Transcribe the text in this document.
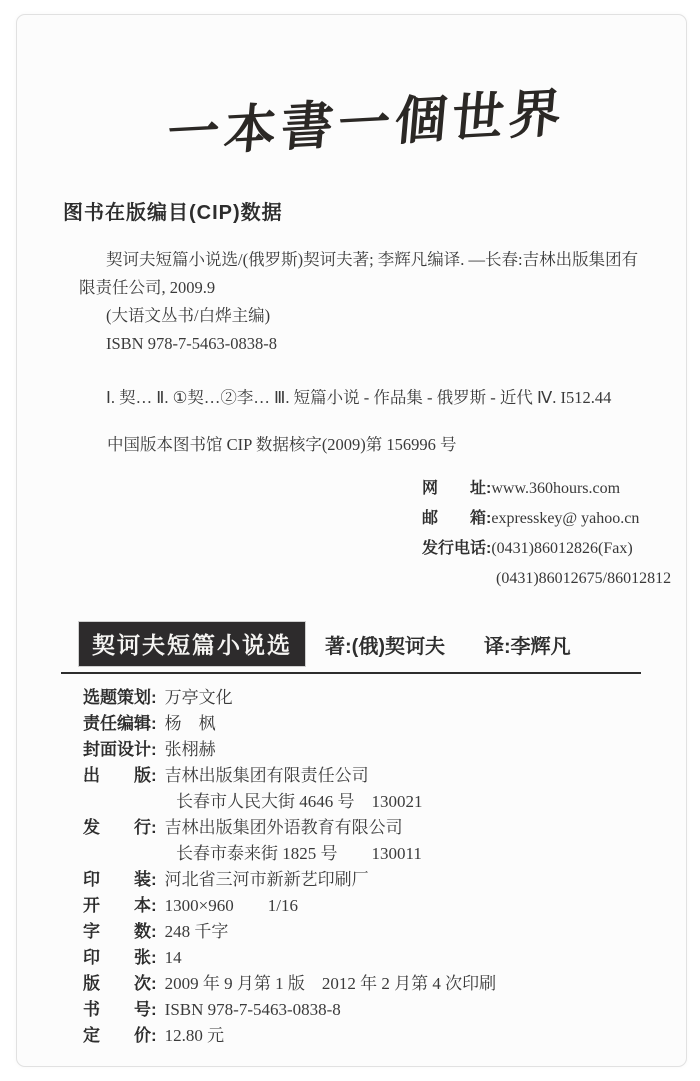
一本書一個世界
图书在版编目(CIP)数据
契诃夫短篇小说选/(俄罗斯)契诃夫著; 李辉凡编译. —长春:吉林出版集团有限责任公司, 2009.9
(大语文丛书/白烨主编)
ISBN 978-7-5463-0838-8
Ⅰ. 契… Ⅱ. ①契…②李… Ⅲ. 短篇小说 - 作品集 - 俄罗斯 - 近代 Ⅳ. I512.44
中国版本图书馆 CIP 数据核字(2009)第 156996 号
网　　址:www.360hours.com
邮　　箱:expresskey@ yahoo.cn
发行电话:(0431)86012826(Fax)
(0431)86012675/86012812
契诃夫短篇小说选 著:(俄)契诃夫 译:李辉凡
选题策划: 万亭文化
责任编辑: 杨　枫
封面设计: 张栩赫
出　　版: 吉林出版集团有限责任公司
长春市人民大街 4646 号　130021
发　　行: 吉林出版集团外语教育有限公司
长春市泰来街 1825 号　　130011
印　　装: 河北省三河市新新艺印刷厂
开　　本: 1300×960　　1/16
字　　数: 248 千字
印　　张: 14
版　　次: 2009 年 9 月第 1 版　2012 年 2 月第 4 次印刷
书　　号: ISBN 978-7-5463-0838-8
定　　价: 12.80 元
